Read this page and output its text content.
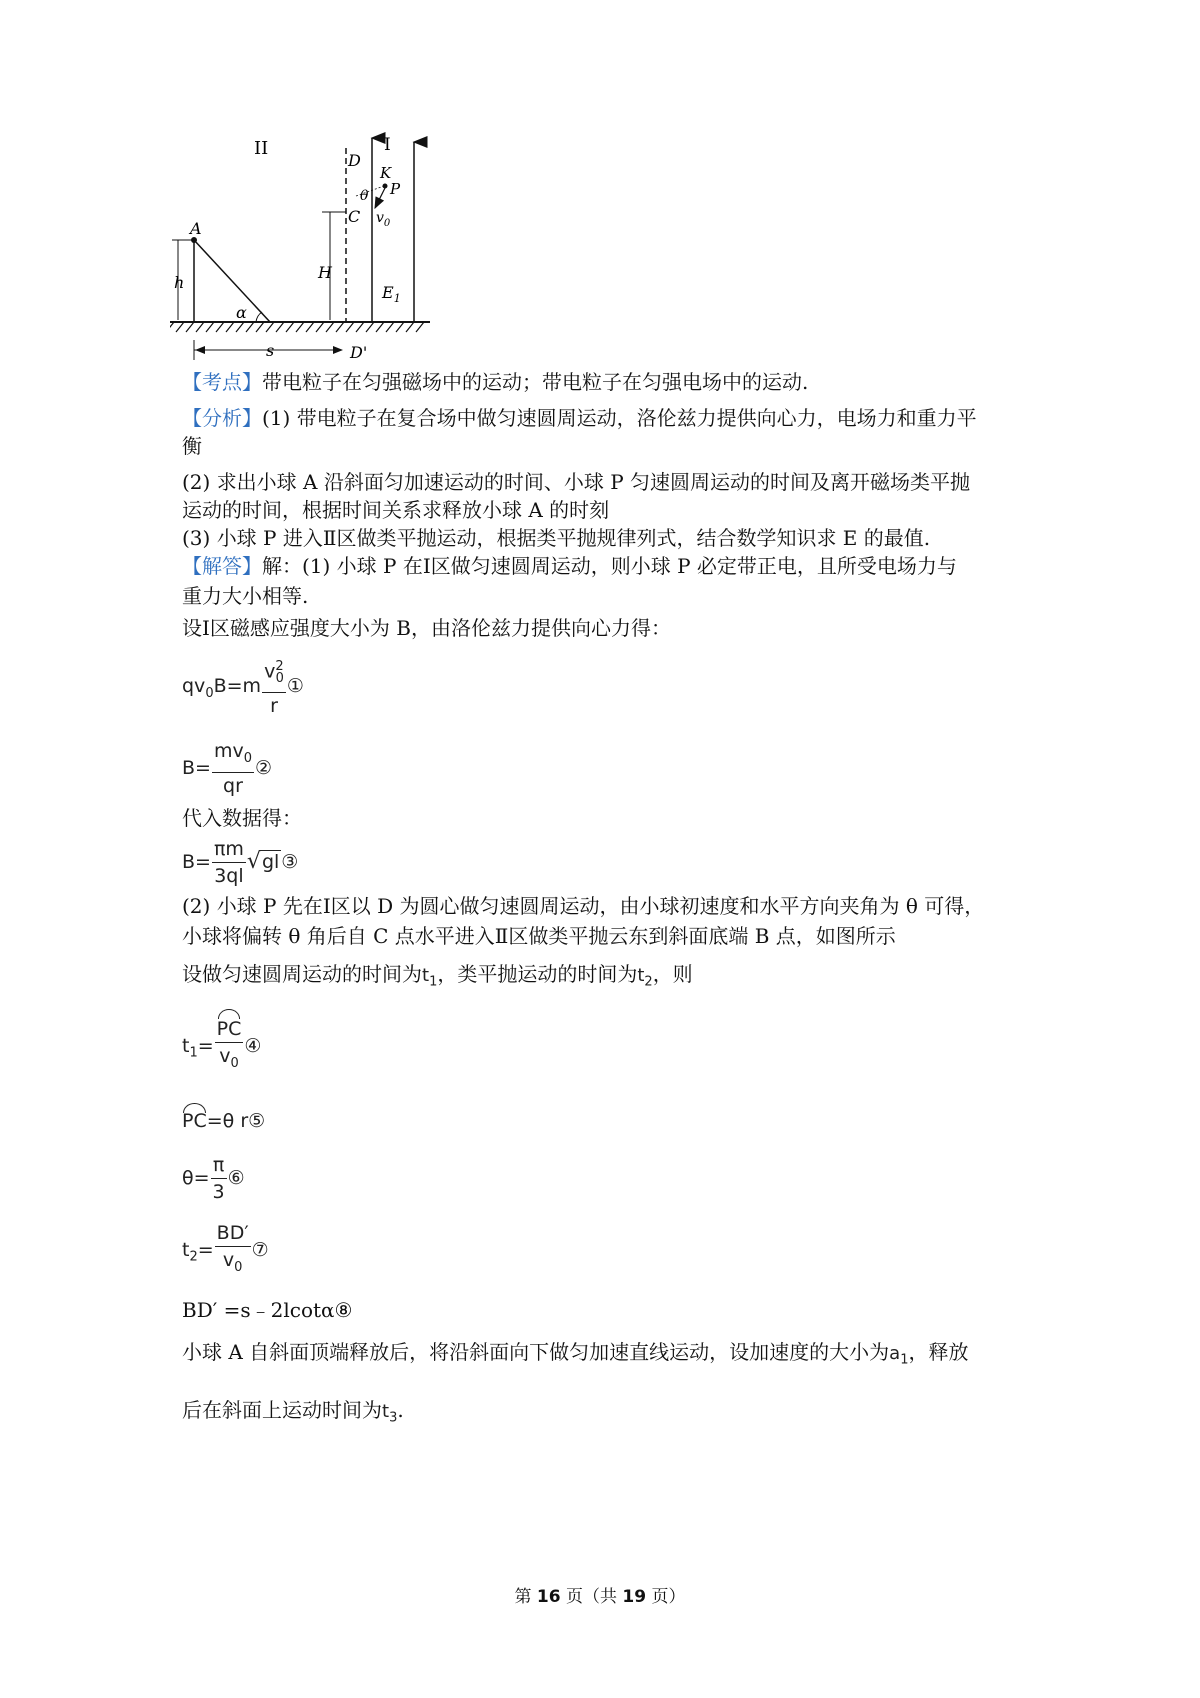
II	I
A
h
α
s
D
C
H
D'
K
P
θ
$v_0$
$E_1$
【考点】带电粒子在匀强磁场中的运动；带电粒子在匀强电场中的运动.
【分析】(1) 带电粒子在复合场中做匀速圆周运动，洛伦兹力提供向心力，电场力和重力平
衡
(2) 求出小球 A 沿斜面匀加速运动的时间、小球 P 匀速圆周运动的时间及离开磁场类平抛
运动的时间，根据时间关系求释放小球 A 的时刻
(3) 小球 P 进入Ⅱ区做类平抛运动，根据类平抛规律列式，结合数学知识求 E 的最值.
【解答】解：(1) 小球 P 在Ⅰ区做匀速圆周运动，则小球 P 必定带正电，且所受电场力与
重力大小相等.
设Ⅰ区磁感应强度大小为 B，由洛伦兹力提供向心力得：
$qv_0B=m \frac{v^2_0}{r}$ ①
$B= \frac{mv_0}{qr}$ ②
代入数据得：
$B= \frac{\pi m}{3ql} √gl$ ③
(2) 小球 P 先在Ⅰ区以 D 为圆心做匀速圆周运动，由小球初速度和水平方向夹角为 θ 可得，
小球将偏转 θ 角后自 C 点水平进入Ⅱ区做类平抛云东到斜面底端 B 点，如图所示
设做匀速圆周运动的时间为$t_1$，类平抛运动的时间为$t_2$，则
$t_1= \frac{PC}{v_0}$ ④
PC=θ r⑤
$\theta= \frac{\pi}{3}$ ⑥
$t_2= \frac{BD'}{v_0}$ ⑦
BD′ =s﹣2lcotα⑧
小球 A 自斜面顶端释放后，将沿斜面向下做匀加速直线运动，设加速度的大小为$a_1$，释放
后在斜面上运动时间为$t_3$.
第 16 页（共 19 页）
